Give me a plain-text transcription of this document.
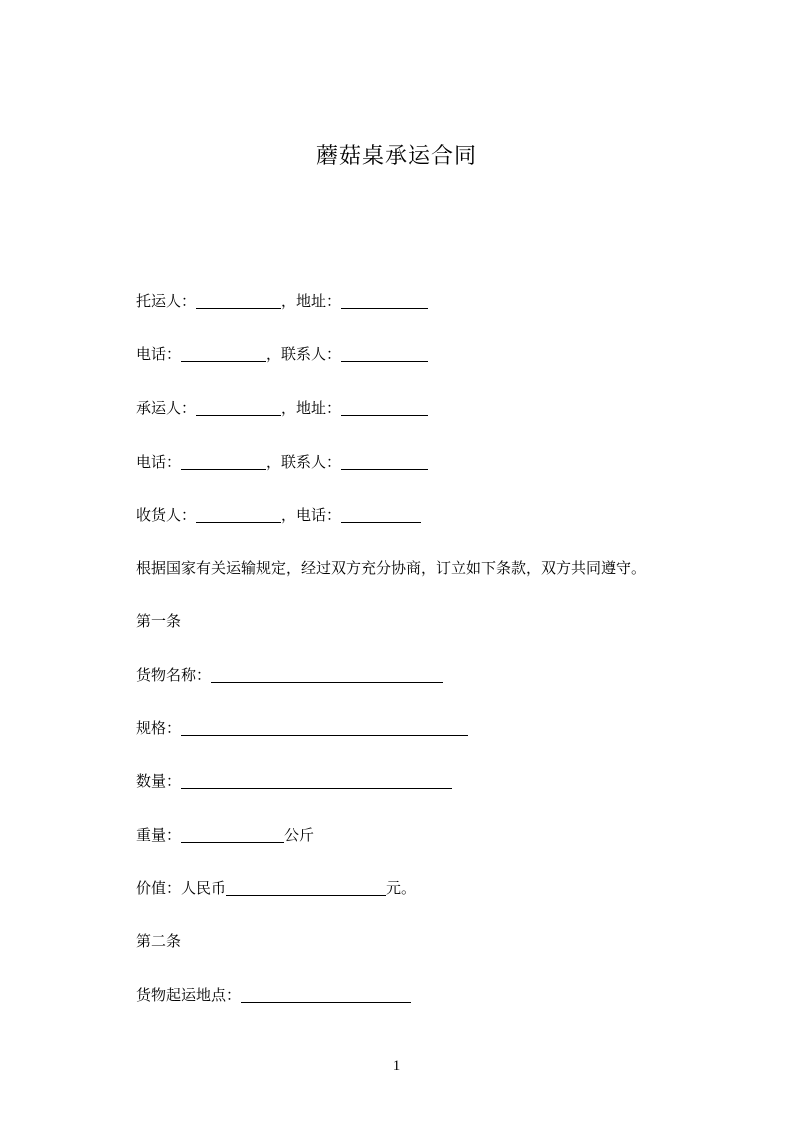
蘑菇桌承运合同
托运人：	， 地址：
电话：	， 联系人：
承运人：	， 地址：
电话：	， 联系人：
收货人：	， 电话：
根据国家有关运输规定，经过双方充分协商，订立如下条款，双方共同遵守。
第一条
货物名称：
规格：
数量：
重量：	公斤
价值：人民币	元。
第二条
货物起运地点：
1
